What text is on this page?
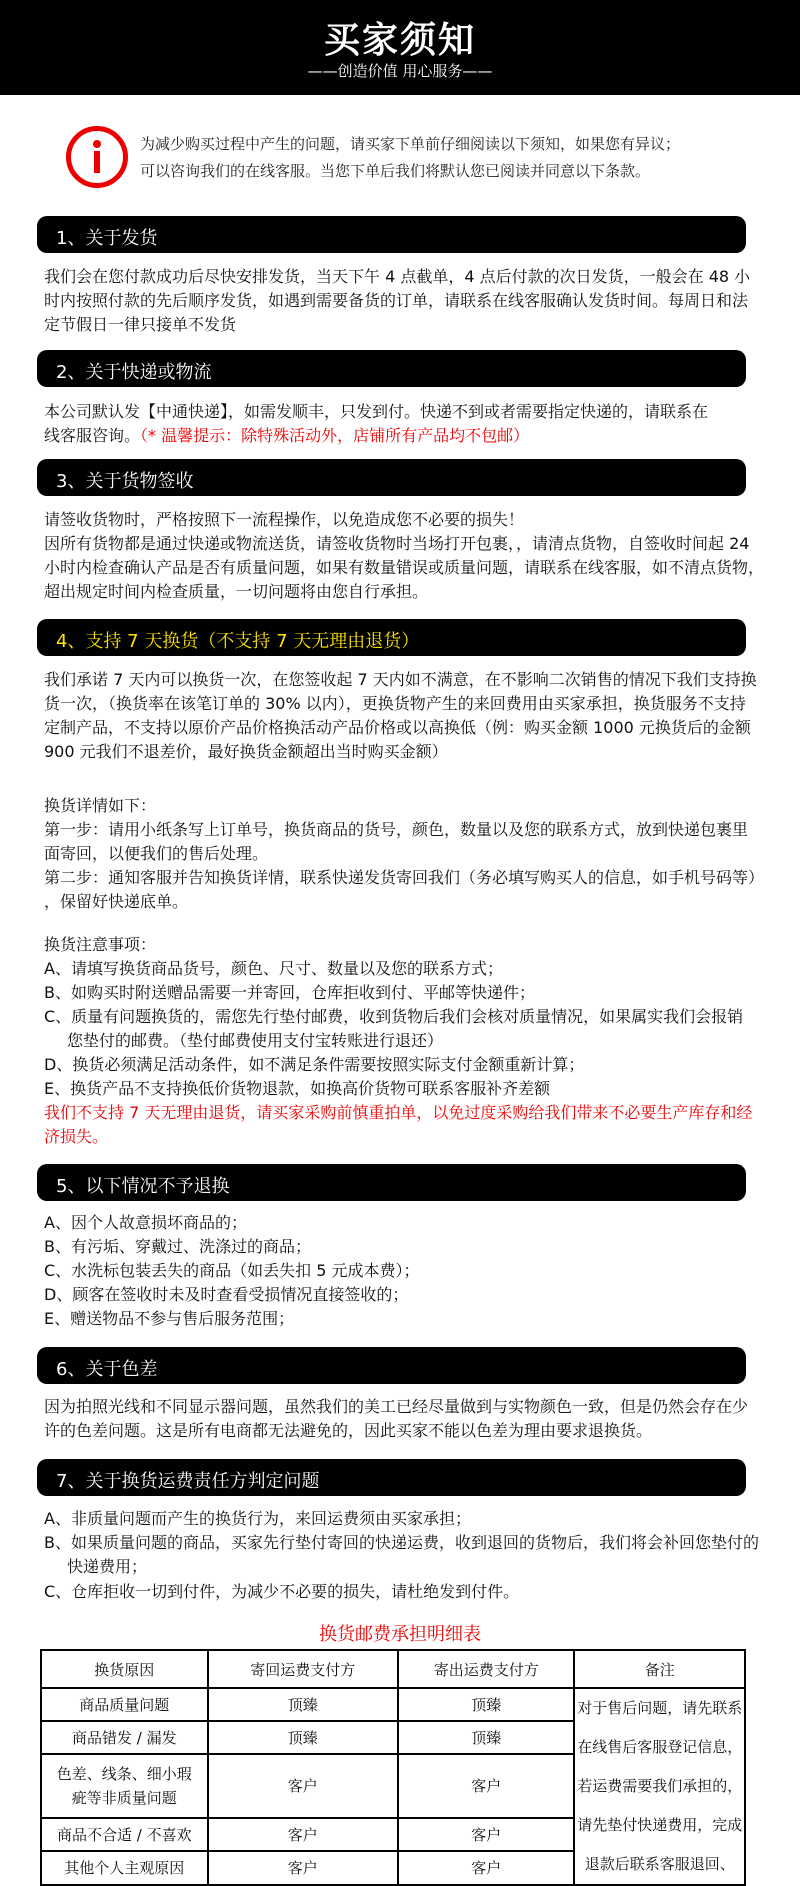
买家须知
——创造价值 用心服务——
为减少购买过程中产生的问题，请买家下单前仔细阅读以下须知，如果您有异议；
可以咨询我们的在线客服。当您下单后我们将默认您已阅读并同意以下条款。
1、关于发货
我们会在您付款成功后尽快安排发货，当天下午 4 点截单，4 点后付款的次日发货，一般会在 48 小
时内按照付款的先后顺序发货，如遇到需要备货的订单，请联系在线客服确认发货时间。每周日和法
定节假日一律只接单不发货
2、关于快递或物流
本公司默认发【中通快递】，如需发顺丰，只发到付。快递不到或者需要指定快递的，请联系在
线客服咨询。（* 温馨提示：除特殊活动外，店铺所有产品均不包邮）
3、关于货物签收
请签收货物时，严格按照下一流程操作，以免造成您不必要的损失！
因所有货物都是通过快递或物流送货，请签收货物时当场打开包裹，，请清点货物，自签收时间起 24
小时内检查确认产品是否有质量问题，如果有数量错误或质量问题，请联系在线客服，如不清点货物，
超出规定时间内检查质量，一切问题将由您自行承担。
4、支持 7 天换货（不支持 7 天无理由退货）
我们承诺 7 天内可以换货一次，在您签收起 7 天内如不满意，在不影响二次销售的情况下我们支持换
货一次，（换货率在该笔订单的 30% 以内），更换货物产生的来回费用由买家承担，换货服务不支持
定制产品，不支持以原价产品价格换活动产品价格或以高换低（例：购买金额 1000 元换货后的金额
900 元我们不退差价，最好换货金额超出当时购买金额）
换货详情如下：
第一步：请用小纸条写上订单号，换货商品的货号，颜色，数量以及您的联系方式，放到快递包裹里
面寄回，以便我们的售后处理。
第二步：通知客服并告知换货详情，联系快递发货寄回我们（务必填写购买人的信息，如手机号码等）
，保留好快递底单。
换货注意事项：
A、请填写换货商品货号，颜色、尺寸、数量以及您的联系方式；
B、如购买时附送赠品需要一并寄回，仓库拒收到付、平邮等快递件；
C、质量有问题换货的，需您先行垫付邮费，收到货物后我们会核对质量情况，如果属实我们会报销
您垫付的邮费。（垫付邮费使用支付宝转账进行退还）
D、换货必须满足活动条件，如不满足条件需要按照实际支付金额重新计算；
E、换货产品不支持换低价货物退款，如换高价货物可联系客服补齐差额
我们不支持 7 天无理由退货，请买家采购前慎重拍单，以免过度采购给我们带来不必要生产库存和经
济损失。
5、以下情况不予退换
A、因个人故意损坏商品的；
B、有污垢、穿戴过、洗涤过的商品；
C、水洗标包装丢失的商品（如丢失扣 5 元成本费）；
D、顾客在签收时未及时查看受损情况直接签收的；
E、赠送物品不参与售后服务范围；
6、关于色差
因为拍照光线和不同显示器问题，虽然我们的美工已经尽量做到与实物颜色一致，但是仍然会存在少
许的色差问题。这是所有电商都无法避免的，因此买家不能以色差为理由要求退换货。
7、关于换货运费责任方判定问题
A、非质量问题而产生的换货行为，来回运费须由买家承担；
B、如果质量问题的商品，买家先行垫付寄回的快递运费，收到退回的货物后，我们将会补回您垫付的
快递费用；
C、仓库拒收一切到付件，为减少不必要的损失，请杜绝发到付件。
换货邮费承担明细表
换货原因	寄回运费支付方	寄出运费支付方	备注
商品质量问题	顶臻	顶臻	对于售后问题，请先联系在线售后客服登记信息，若运费需要我们承担的，请先垫付快递费用，完成退款后联系客服退回、
商品错发 / 漏发	顶臻	顶臻	
色差、线条、细小瑕疵等非质量问题	客户	客户	
商品不合适 / 不喜欢	客户	客户	
其他个人主观原因	客户	客户	
